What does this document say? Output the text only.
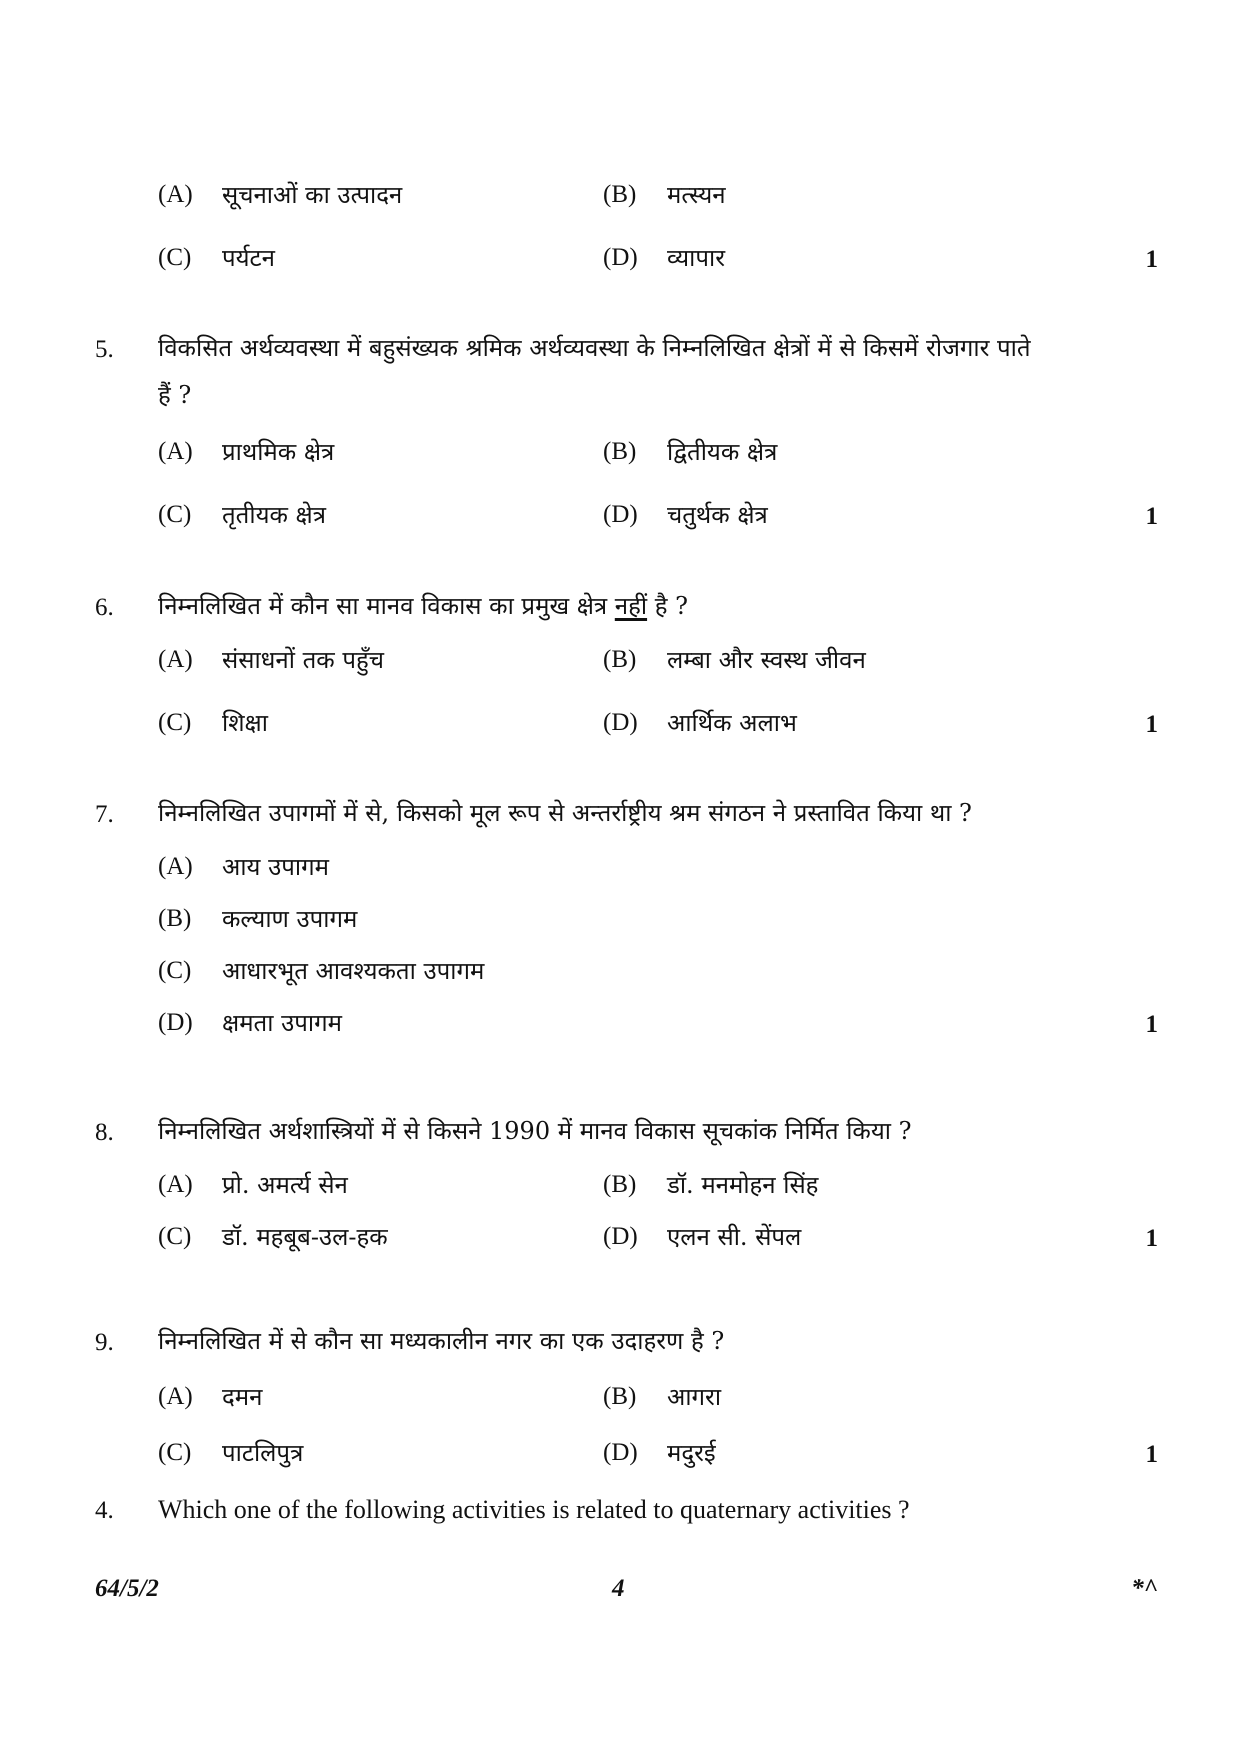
(A) सूचनाओं का उत्पादन	(B) मत्स्यन
(C) पर्यटन	(D) व्यापार	1
5. विकसित अर्थव्यवस्था में बहुसंख्यक श्रमिक अर्थव्यवस्था के निम्नलिखित क्षेत्रों में से किसमें रोजगार पाते
हैं ?
(A) प्राथमिक क्षेत्र	(B) द्वितीयक क्षेत्र
(C) तृतीयक क्षेत्र	(D) चतुर्थक क्षेत्र	1
6. निम्नलिखित में कौन सा मानव विकास का प्रमुख क्षेत्र नहीं है ?
(A) संसाधनों तक पहुँच	(B) लम्बा और स्वस्थ जीवन
(C) शिक्षा	(D) आर्थिक अलाभ	1
7. निम्नलिखित उपागमों में से, किसको मूल रूप से अन्तर्राष्ट्रीय श्रम संगठन ने प्रस्तावित किया था ?
(A) आय उपागम
(B) कल्याण उपागम
(C) आधारभूत आवश्यकता उपागम
(D) क्षमता उपागम	1
8. निम्नलिखित अर्थशास्त्रियों में से किसने 1990 में मानव विकास सूचकांक निर्मित किया ?
(A) प्रो. अमर्त्य सेन	(B) डॉ. मनमोहन सिंह
(C) डॉ. महबूब-उल-हक	(D) एलन सी. सेंपल	1
9. निम्नलिखित में से कौन सा मध्यकालीन नगर का एक उदाहरण है ?
(A) दमन	(B) आगरा
(C) पाटलिपुत्र	(D) मदुरई	1
4. Which one of the following activities is related to quaternary activities ?
64/5/2	4	*^
